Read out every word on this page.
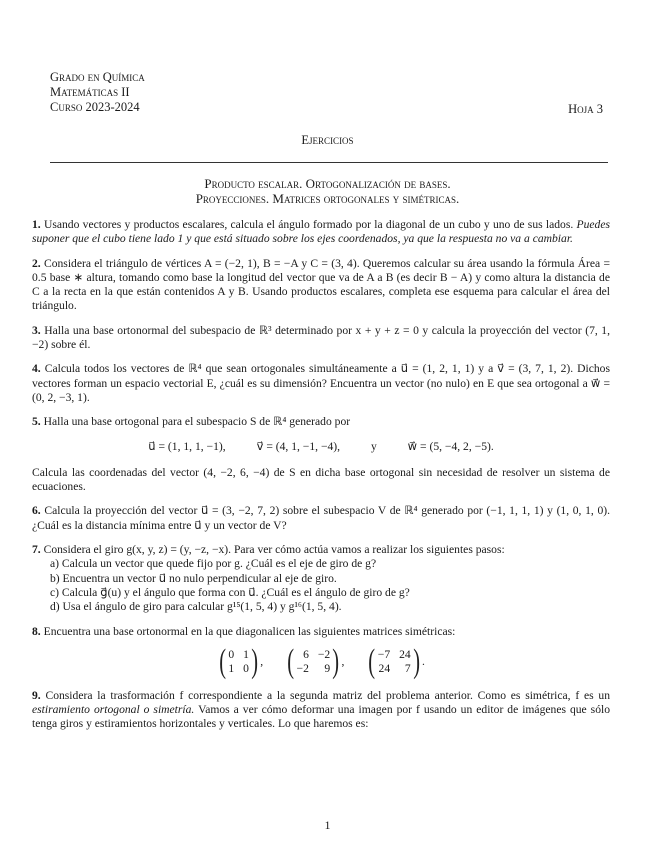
Grado en Química
Matemáticas II
Curso 2023-2024	Hoja 3
Ejercicios
Producto escalar. Ortogonalización de bases.
Proyecciones. Matrices ortogonales y simétricas.

1. Usando vectores y productos escalares, calcula el ángulo formado por la diagonal de un cubo y uno de sus lados. Puedes suponer que el cubo tiene lado 1 y que está situado sobre los ejes coordenados, ya que la respuesta no va a cambiar.

2. Considera el triángulo de vértices A = (−2, 1), B = −A y C = (3, 4). Queremos calcular su área usando la fórmula Área = 0.5 base ∗ altura, tomando como base la longitud del vector que va de A a B (es decir B − A) y como altura la distancia de C a la recta en la que están contenidos A y B. Usando productos escalares, completa ese esquema para calcular el área del triángulo.

3. Halla una base ortonormal del subespacio de ℝ³ determinado por x + y + z = 0 y calcula la proyección del vector (7, 1, −2) sobre él.

4. Calcula todos los vectores de ℝ⁴ que sean ortogonales simultáneamente a u⃗ = (1, 2, 1, 1) y a v⃗ = (3, 7, 1, 2). Dichos vectores forman un espacio vectorial E, ¿cuál es su dimensión? Encuentra un vector (no nulo) en E que sea ortogonal a w⃗ = (0, 2, −3, 1).

5. Halla una base ortogonal para el subespacio S de ℝ⁴ generado por
u⃗ = (1, 1, 1, −1),	v⃗ = (4, 1, −1, −4),	y	w⃗ = (5, −4, 2, −5).
Calcula las coordenadas del vector (4, −2, 6, −4) de S en dicha base ortogonal sin necesidad de resolver un sistema de ecuaciones.

6. Calcula la proyección del vector u⃗ = (3, −2, 7, 2) sobre el subespacio V de ℝ⁴ generado por (−1, 1, 1, 1) y (1, 0, 1, 0). ¿Cuál es la distancia mínima entre u⃗ y un vector de V?

7. Considera el giro g(x, y, z) = (y, −z, −x). Para ver cómo actúa vamos a realizar los siguientes pasos:
a) Calcula un vector que quede fijo por g. ¿Cuál es el eje de giro de g?
b) Encuentra un vector u⃗ no nulo perpendicular al eje de giro.
c) Calcula g⃗(u) y el ángulo que forma con u⃗. ¿Cuál es el ángulo de giro de g?
d) Usa el ángulo de giro para calcular g¹⁵(1, 5, 4) y g¹⁶(1, 5, 4).
8. Encuentra una base ortonormal en la que diagonalicen las siguientes matrices simétricas:
( 0 1
1 0 ) , ( 6 −2
−2	9 ) , ( −7 24
24	7 ) .

9. Considera la trasformación f correspondiente a la segunda matriz del problema anterior. Como es simétrica, f es un estiramiento ortogonal o simetría. Vamos a ver cómo deformar una imagen por f usando un editor de imágenes que sólo tenga giros y estiramientos horizontales y verticales. Lo que haremos es:

1
